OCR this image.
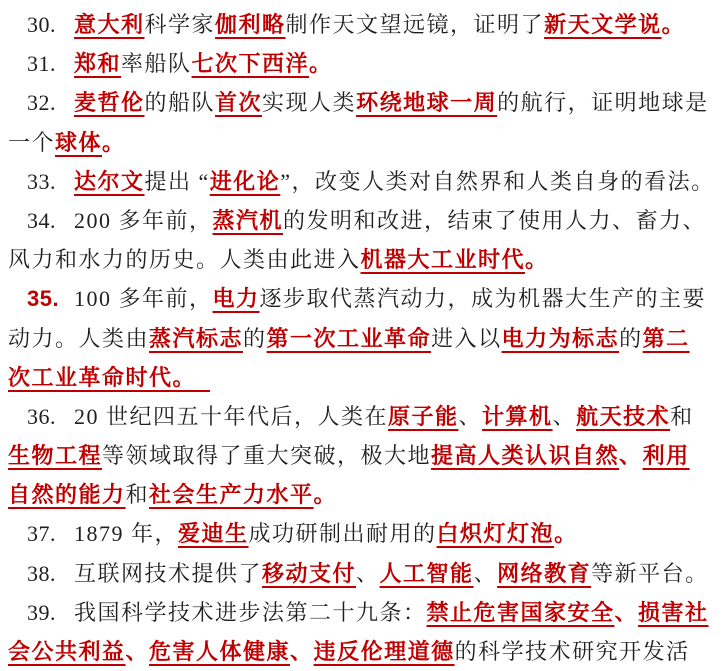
30. 意大利科学家伽利略制作天文望远镜，证明了新天文学说。
31. 郑和率船队七次下西洋。
32. 麦哲伦的船队首次实现人类环绕地球一周的航行，证明地球是
一个球体。
33. 达尔文提出 “进化论”，改变人类对自然界和人类自身的看法。
34. 200 多年前，蒸汽机的发明和改进，结束了使用人力、畜力、
风力和水力的历史。人类由此进入机器大工业时代。
35. 100 多年前，电力逐步取代蒸汽动力，成为机器大生产的主要
动力。人类由蒸汽标志的第一次工业革命进入以电力为标志的第二
次工业革命时代。
36. 20 世纪四五十年代后，人类在原子能、计算机、航天技术和
生物工程等领域取得了重大突破，极大地提高人类认识自然、利用
自然的能力和社会生产力水平。
37. 1879 年，爱迪生成功研制出耐用的白炽灯灯泡。
38. 互联网技术提供了移动支付、人工智能、网络教育等新平台。
39. 我国科学技术进步法第二十九条：禁止危害国家安全、损害社
会公共利益、危害人体健康、违反伦理道德的科学技术研究开发活
